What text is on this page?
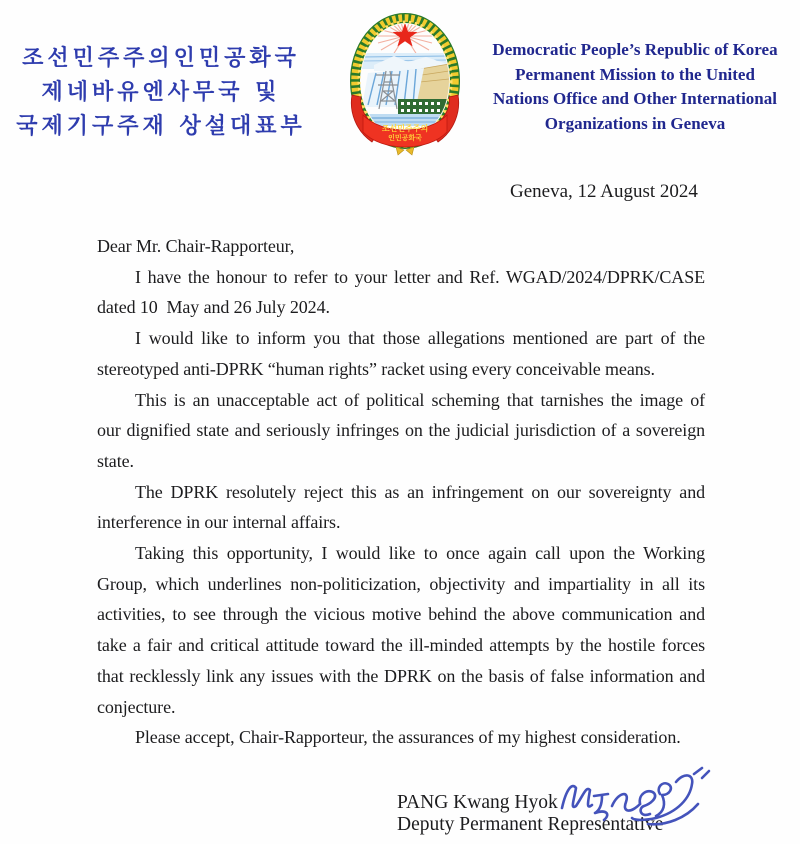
조선민주주의인민공화국
제네바유엔사무국 및
국제기구주재 상설대표부	조선민주주의
인민공화국
Democratic People’s Republic of Korea
Permanent Mission to the United
Nations Office and Other International
Organizations in Geneva
Geneva, 12 August 2024
Dear Mr. Chair-Rapporteur,
I have the honour to refer to your letter and Ref. WGAD/2024/DPRK/CASE
dated 10  May and 26 July 2024.
I would like to inform you that those allegations mentioned are part of the
stereotyped anti-DPRK “human rights” racket using every conceivable means.
This is an unacceptable act of political scheming that tarnishes the image of
our dignified state and seriously infringes on the judicial jurisdiction of a sovereign
state.
The DPRK resolutely reject this as an infringement on our sovereignty and
interference in our internal affairs.
Taking this opportunity, I would like to once again call upon the Working
Group, which underlines non-politicization, objectivity and impartiality in all its
activities, to see through the vicious motive behind the above communication and
take a fair and critical attitude toward the ill-minded attempts by the hostile forces
that recklessly link any issues with the DPRK on the basis of false information and
conjecture.
Please accept, Chair-Rapporteur, the assurances of my highest consideration.
PANG Kwang Hyok
Deputy Permanent Representative
